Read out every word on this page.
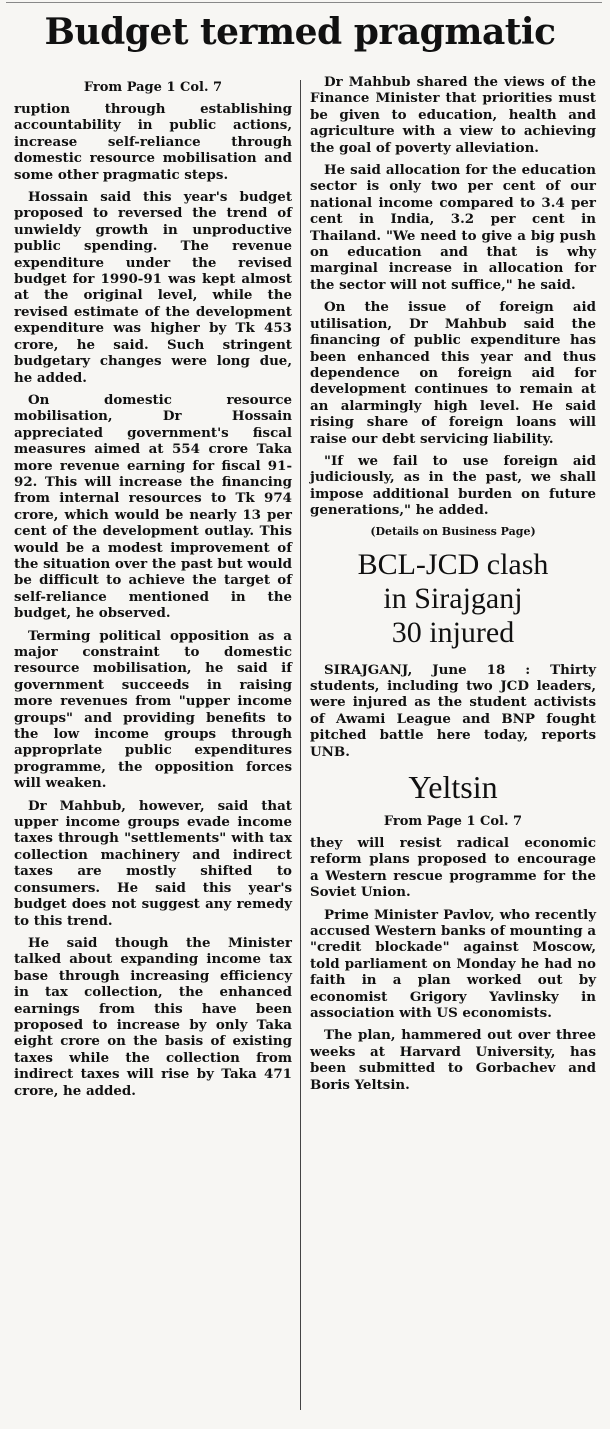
Budget termed pragmatic
From Page 1 Col. 7

ruption through establishing accountability in public actions, increase self-reliance through domestic resource mobilisation and some other pragmatic steps.

Hossain said this year's budget proposed to reversed the trend of unwieldy growth in unproductive public spending. The revenue expenditure under the revised budget for 1990-91 was kept almost at the original level, while the revised estimate of the development expenditure was higher by Tk 453 crore, he said. Such stringent budgetary changes were long due, he added.

On domestic resource mobilisation, Dr Hossain appreciated government's fiscal measures aimed at 554 crore Taka more revenue earning for fiscal 91-92. This will increase the financing from internal resources to Tk 974 crore, which would be nearly 13 per cent of the development outlay. This would be a modest improvement of the situation over the past but would be difficult to achieve the target of self-reliance mentioned in the budget, he observed.

Terming political opposition as a major constraint to domestic resource mobilisation, he said if government succeeds in raising more revenues from "upper income groups" and providing benefits to the low income groups through approprlate public expenditures programme, the opposition forces will weaken.

Dr Mahbub, however, said that upper income groups evade income taxes through "settlements" with tax collection machinery and indirect taxes are mostly shifted to consumers. He said this year's budget does not suggest any remedy to this trend.

He said though the Minister talked about expanding income tax base through increasing efficiency in tax collection, the enhanced earnings from this have been proposed to increase by only Taka eight crore on the basis of existing taxes while the collection from indirect taxes will rise by Taka 471 crore, he added.

Dr Mahbub shared the views of the Finance Minister that priorities must be given to education, health and agriculture with a view to achieving the goal of poverty alleviation.

He said allocation for the education sector is only two per cent of our national income compared to 3.4 per cent in India, 3.2 per cent in Thailand. "We need to give a big push on education and that is why marginal increase in allocation for the sector will not suffice," he said.

On the issue of foreign aid utilisation, Dr Mahbub said the financing of public expenditure has been enhanced this year and thus dependence on foreign aid for development continues to remain at an alarmingly high level. He said rising share of foreign loans will raise our debt servicing liability.

"If we fail to use foreign aid judiciously, as in the past, we shall impose additional burden on future generations," he added.

(Details on Business Page)
BCL-JCD clash
in Sirajganj
30 injured

SIRAJGANJ, June 18 : Thirty students, including two JCD leaders, were injured as the student activists of Awami League and BNP fought pitched battle here today, reports UNB.

Yeltsin
From Page 1 Col. 7

they will resist radical economic reform plans proposed to encourage a Western rescue programme for the Soviet Union.

Prime Minister Pavlov, who recently accused Western banks of mounting a "credit blockade" against Moscow, told parliament on Monday he had no faith in a plan worked out by economist Grigory Yavlinsky in association with US economists.

The plan, hammered out over three weeks at Harvard University, has been submitted to Gorbachev and Boris Yeltsin.
